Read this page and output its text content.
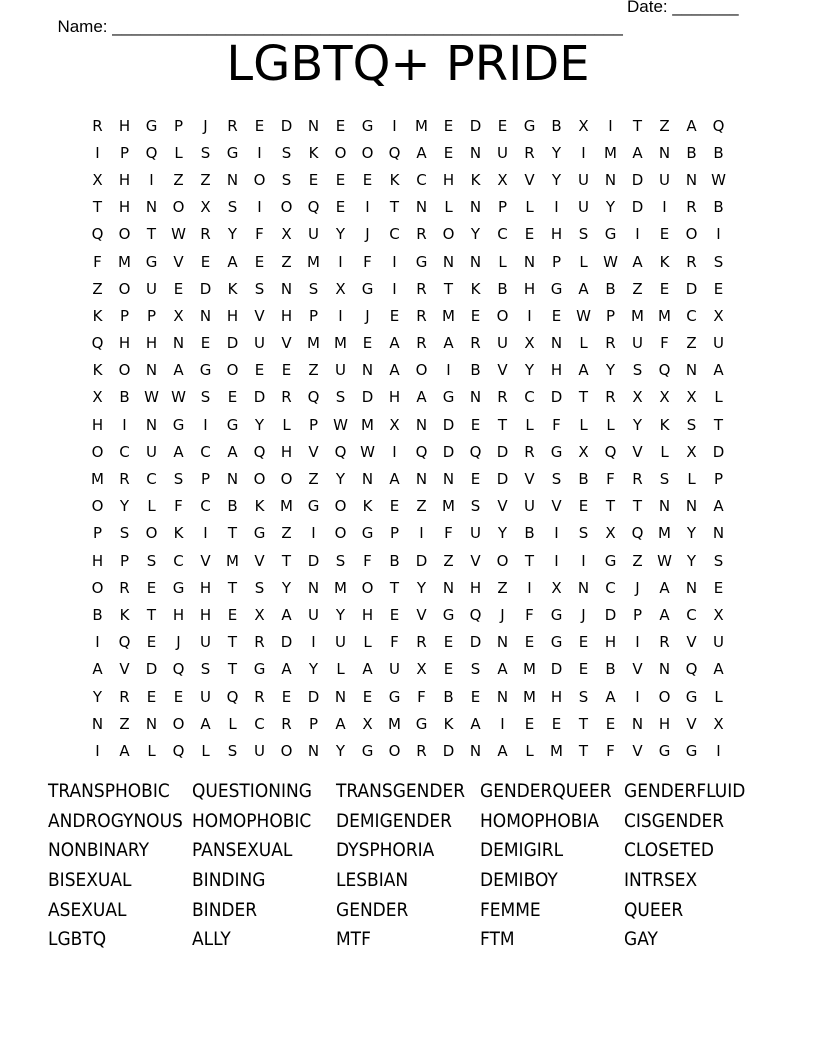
Name: ______________________________________________________

Date: _______

LGBTQ+ PRIDE
R	H	G	P	J	R	E	D	N	E	G	I	M	E	D	E	G	B	X	I	T	Z	A	Q
I	P	Q	L	S	G	I	S	K	O	O	Q	A	E	N	U	R	Y	I	M	A	N	B	B
X	H	I	Z	Z	N	O	S	E	E	E	K	C	H	K	X	V	Y	U	N	D	U	N W
T	H	N	O	X	S	I	O	Q	E	I	T	N	L	N	P	L	I	U	Y	D	I	R	B
Q	O	T	W R	Y	F	X	U	Y	J	C	R	O	Y	C	E	H	S	G	I	E	O	I
F	M G	V	E	A	E	Z	M	I	F	I	G	N	N	L	N	P	L	W A	K	R	S
Z	O	U	E	D	K	S	N	S	X	G	I	R	T	K	B	H	G	A	B	Z	E	D	E
K	P	P	X	N	H	V	H	P	I	J	E	R	M	E	O	I	E W	P	M M	C	X
Q	H	H	N	E	D	U	V	M M	E	A	R	A	R	U	X	N	L	R	U	F	Z	U
K	O	N	A	G	O	E	E	Z	U	N	A	O	I	B	V	Y	H	A	Y	S	Q	N	A
X	B W W S	E	D	R	Q	S	D	H	A	G	N	R	C	D	T	R	X	X	X	L
H	I	N	G	I	G	Y	L	P	W M	X	N	D	E	T	L	F	L	L	Y	K	S	T
O	C	U	A	C	A	Q	H	V	Q W	I	Q	D	Q	D	R	G	X	Q	V	L	X	D
M	R	C	S	P	N	O	O	Z	Y	N	A	N	N	E	D	V	S	B	F	R	S	L	P
O	Y	L	F	C	B	K	M G	O	K	E	Z	M	S	V	U	V	E	T	T	N	N	A
P	S	O	K	I	T	G	Z	I	O	G	P	I	F	U	Y	B	I	S	X	Q M	Y	N
H	P	S	C	V	M	V	T	D	S	F	B	D	Z	V	O	T	I	I	G	Z W Y	S
O	R	E	G	H	T	S	Y	N M O	T	Y	N	H	Z	I	X	N	C	J	A	N	E
B	K	T	H	H	E	X	A	U	Y	H	E	V	G	Q	J	F	G	J	D	P	A	C	X
I	Q	E	J	U	T	R	D	I	U	L	F	R	E	D	N	E	G	E	H	I	R	V	U
A	V	D	Q	S	T	G	A	Y	L	A	U	X	E	S	A	M D	E	B	V	N	Q	A
Y	R	E	E	U	Q	R	E	D	N	E	G	F	B	E	N M H	S	A	I	O	G	L
N	Z	N	O	A	L	C	R	P	A	X	M G	K	A	I	E	E	T	E	N	H	V	X
I	A	L	Q	L	S	U	O	N	Y	G	O	R	D	N	A	L	M	T	F	V	G	G	I
TRANSPHOBIC	QUESTIONING	TRANSGENDER GENDERQUEER GENDERFLUID
ANDROGYNOUS HOMOPHOBIC	DEMIGENDER	HOMOPHOBIA	CISGENDER
NONBINARY	PANSEXUAL	DYSPHORIA	DEMIGIRL	CLOSETED
BISEXUAL	BINDING	LESBIAN	DEMIBOY	INTRSEX
ASEXUAL	BINDER	GENDER	FEMME	QUEER
LGBTQ	ALLY	MTF	FTM	GAY
